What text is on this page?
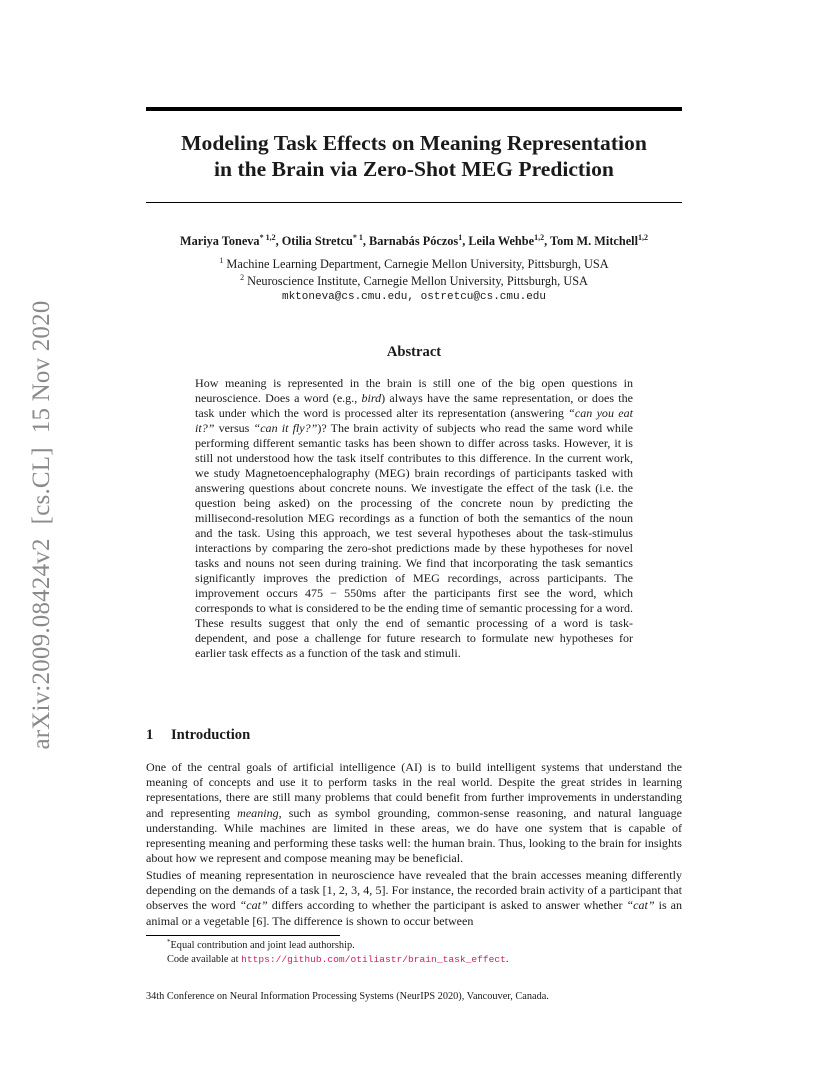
arXiv:2009.08424v2[cs.CL]15 Nov 2020
Modeling Task Effects on Meaning Representation
in the Brain via Zero-Shot MEG Prediction
Mariya Toneva$^{* 1,2}$, Otilia Stretcu$^{* 1}$, Barnabás Póczos$^1$, Leila Wehbe$^{1,2}$, Tom M. Mitchell$^{1,2}$
$^1$ Machine Learning Department, Carnegie Mellon University, Pittsburgh, USA
$^2$ Neuroscience Institute, Carnegie Mellon University, Pittsburgh, USA
mktoneva@cs.cmu.edu, ostretcu@cs.cmu.edu
Abstract

How meaning is represented in the brain is still one of the big open questions in neuroscience. Does a word (e.g., bird) always have the same representation, or does the task under which the word is processed alter its representation (answering “can you eat it?” versus “can it fly?”)? The brain activity of subjects who read the same word while performing different semantic tasks has been shown to differ across tasks. However, it is still not understood how the task itself contributes to this difference. In the current work, we study Magnetoencephalography (MEG) brain recordings of participants tasked with answering questions about concrete nouns. We investigate the effect of the task (i.e. the question being asked) on the processing of the concrete noun by predicting the millisecond-resolution MEG recordings as a function of both the semantics of the noun and the task. Using this approach, we test several hypotheses about the task-stimulus interactions by comparing the zero-shot predictions made by these hypotheses for novel tasks and nouns not seen during training. We find that incorporating the task semantics significantly improves the prediction of MEG recordings, across participants. The improvement occurs 475 − 550ms after the participants first see the word, which corresponds to what is considered to be the ending time of semantic processing for a word. These results suggest that only the end of semantic processing of a word is task-dependent, and pose a challenge for future research to formulate new hypotheses for earlier task effects as a function of the task and stimuli.

1 Introduction

One of the central goals of artificial intelligence (AI) is to build intelligent systems that understand the meaning of concepts and use it to perform tasks in the real world. Despite the great strides in learning representations, there are still many problems that could benefit from further improvements in understanding and representing meaning, such as symbol grounding, common-sense reasoning, and natural language understanding. While machines are limited in these areas, we do have one system that is capable of representing meaning and performing these tasks well: the human brain. Thus, looking to the brain for insights about how we represent and compose meaning may be beneficial.

Studies of meaning representation in neuroscience have revealed that the brain accesses meaning differently depending on the demands of a task [1, 2, 3, 4, 5]. For instance, the recorded brain activity of a participant that observes the word “cat” differs according to whether the participant is asked to answer whether “cat” is an animal or a vegetable [6]. The difference is shown to occur between

*Equal contribution and joint lead authorship.
Code available at https://github.com/otiliastr/brain_task_effect.
34th Conference on Neural Information Processing Systems (NeurIPS 2020), Vancouver, Canada.
